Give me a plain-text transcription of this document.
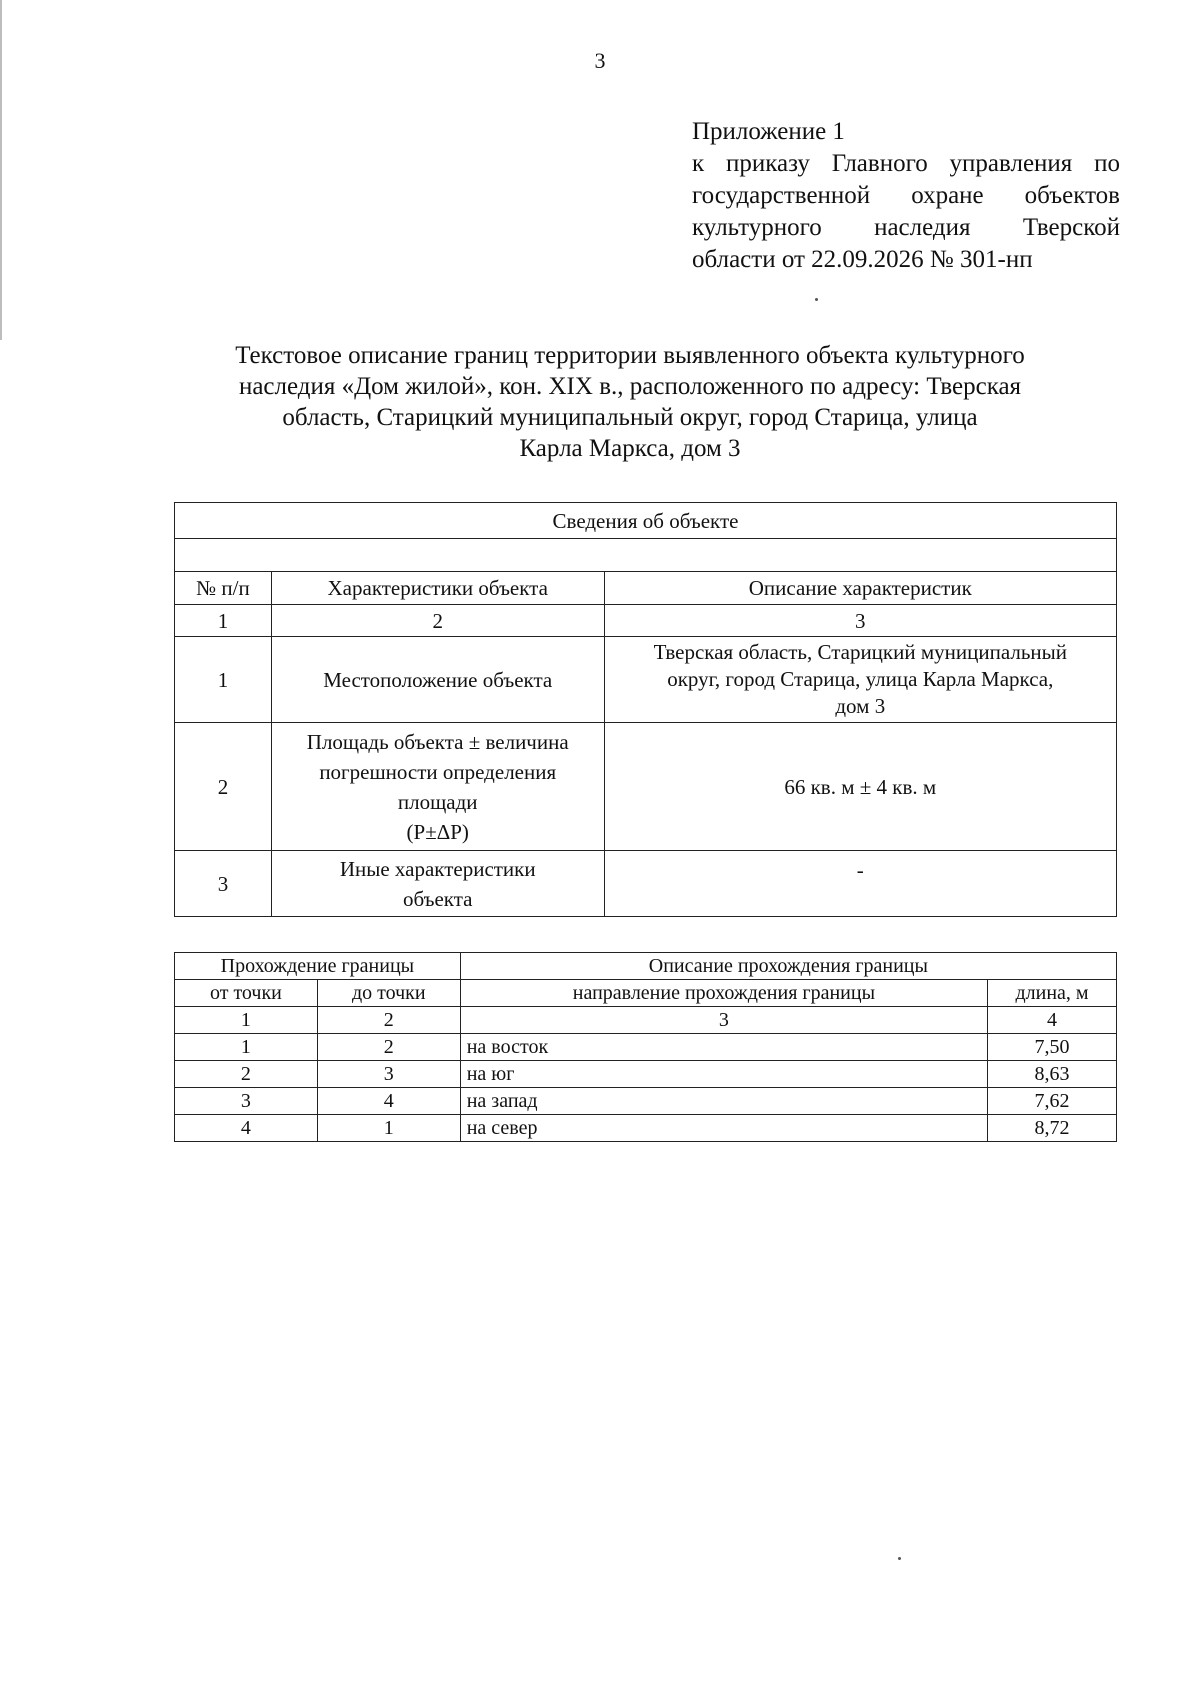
3
Приложение 1
к приказу Главного управления по
государственной охране объектов
культурного наследия Тверской
области от 22.09.2026 № 301-нп
Текстовое описание границ территории выявленного объекта культурного
наследия «Дом жилой», кон. XIX в., расположенного по адресу: Тверская
область, Старицкий муниципальный округ, город Старица, улица
Карла Маркса, дом 3
Сведения об объекте		

№ п/п	Характеристики объекта	Описание характеристик
1	2	3
1	Местоположение объекта	Тверская область, Старицкий муниципальный
округ, город Старица, улица Карла Маркса,
дом 3

2	Площадь объекта ± величина
погрешности определения
площади
(Р±ΔР)	66 кв. м ± 4 кв. м

3	Иные характеристики
объекта	-
Прохождение границы		Описание прохождения границы	
от точки	до точки	направление прохождения границы	длина, м
1	2	3	4
1	2	на восток	7,50
2	3	на юг	8,63
3	4	на запад	7,62
4	1	на север	8,72
